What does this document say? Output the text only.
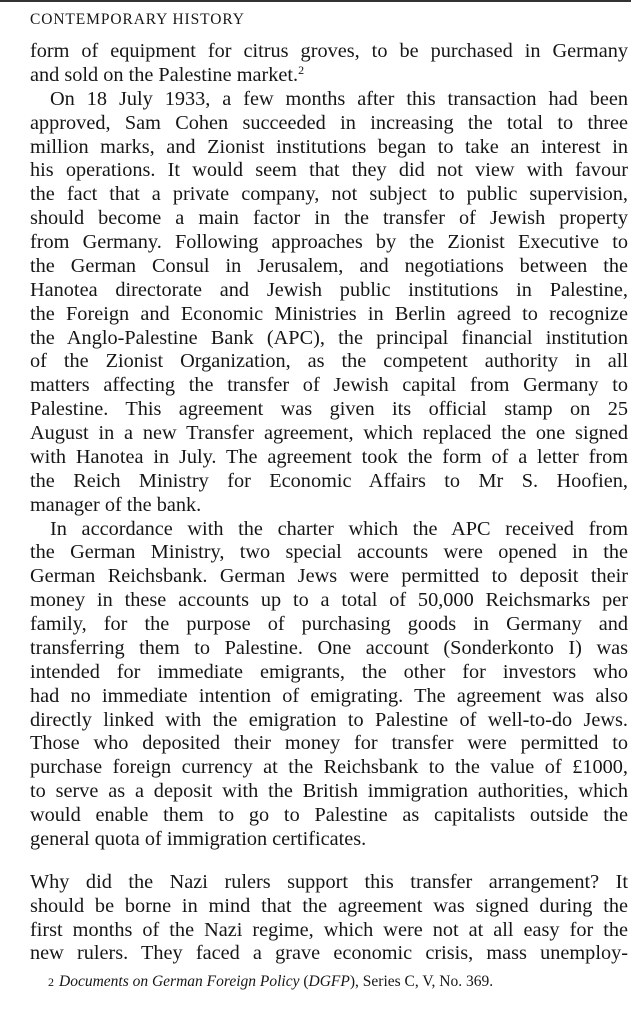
CONTEMPORARY HISTORY
form of equipment for citrus groves, to be purchased in Germany
and sold on the Palestine market.$^2$
On 18 July 1933, a few months after this transaction had been
approved, Sam Cohen succeeded in increasing the total to three
million marks, and Zionist institutions began to take an interest in
his operations. It would seem that they did not view with favour
the fact that a private company, not subject to public supervision,
should become a main factor in the transfer of Jewish property
from Germany. Following approaches by the Zionist Executive to
the German Consul in Jerusalem, and negotiations between the
Hanotea directorate and Jewish public institutions in Palestine,
the Foreign and Economic Ministries in Berlin agreed to recognize
the Anglo-Palestine Bank (APC), the principal financial institution
of the Zionist Organization, as the competent authority in all
matters affecting the transfer of Jewish capital from Germany to
Palestine. This agreement was given its official stamp on 25
August in a new Transfer agreement, which replaced the one signed
with Hanotea in July. The agreement took the form of a letter from
the Reich Ministry for Economic Affairs to Mr S. Hoofien,
manager of the bank.
In accordance with the charter which the APC received from
the German Ministry, two special accounts were opened in the
German Reichsbank. German Jews were permitted to deposit their
money in these accounts up to a total of 50,000 Reichsmarks per
family, for the purpose of purchasing goods in Germany and
transferring them to Palestine. One account (Sonderkonto I) was
intended for immediate emigrants, the other for investors who
had no immediate intention of emigrating. The agreement was also
directly linked with the emigration to Palestine of well-to-do Jews.
Those who deposited their money for transfer were permitted to
purchase foreign currency at the Reichsbank to the value of £1000,
to serve as a deposit with the British immigration authorities, which
would enable them to go to Palestine as capitalists outside the
general quota of immigration certificates.
Why did the Nazi rulers support this transfer arrangement? It
should be borne in mind that the agreement was signed during the
first months of the Nazi regime, which were not at all easy for the
new rulers. They faced a grave economic crisis, mass unemploy-
2 Documents on German Foreign Policy (DGFP), Series C, V, No. 369.
